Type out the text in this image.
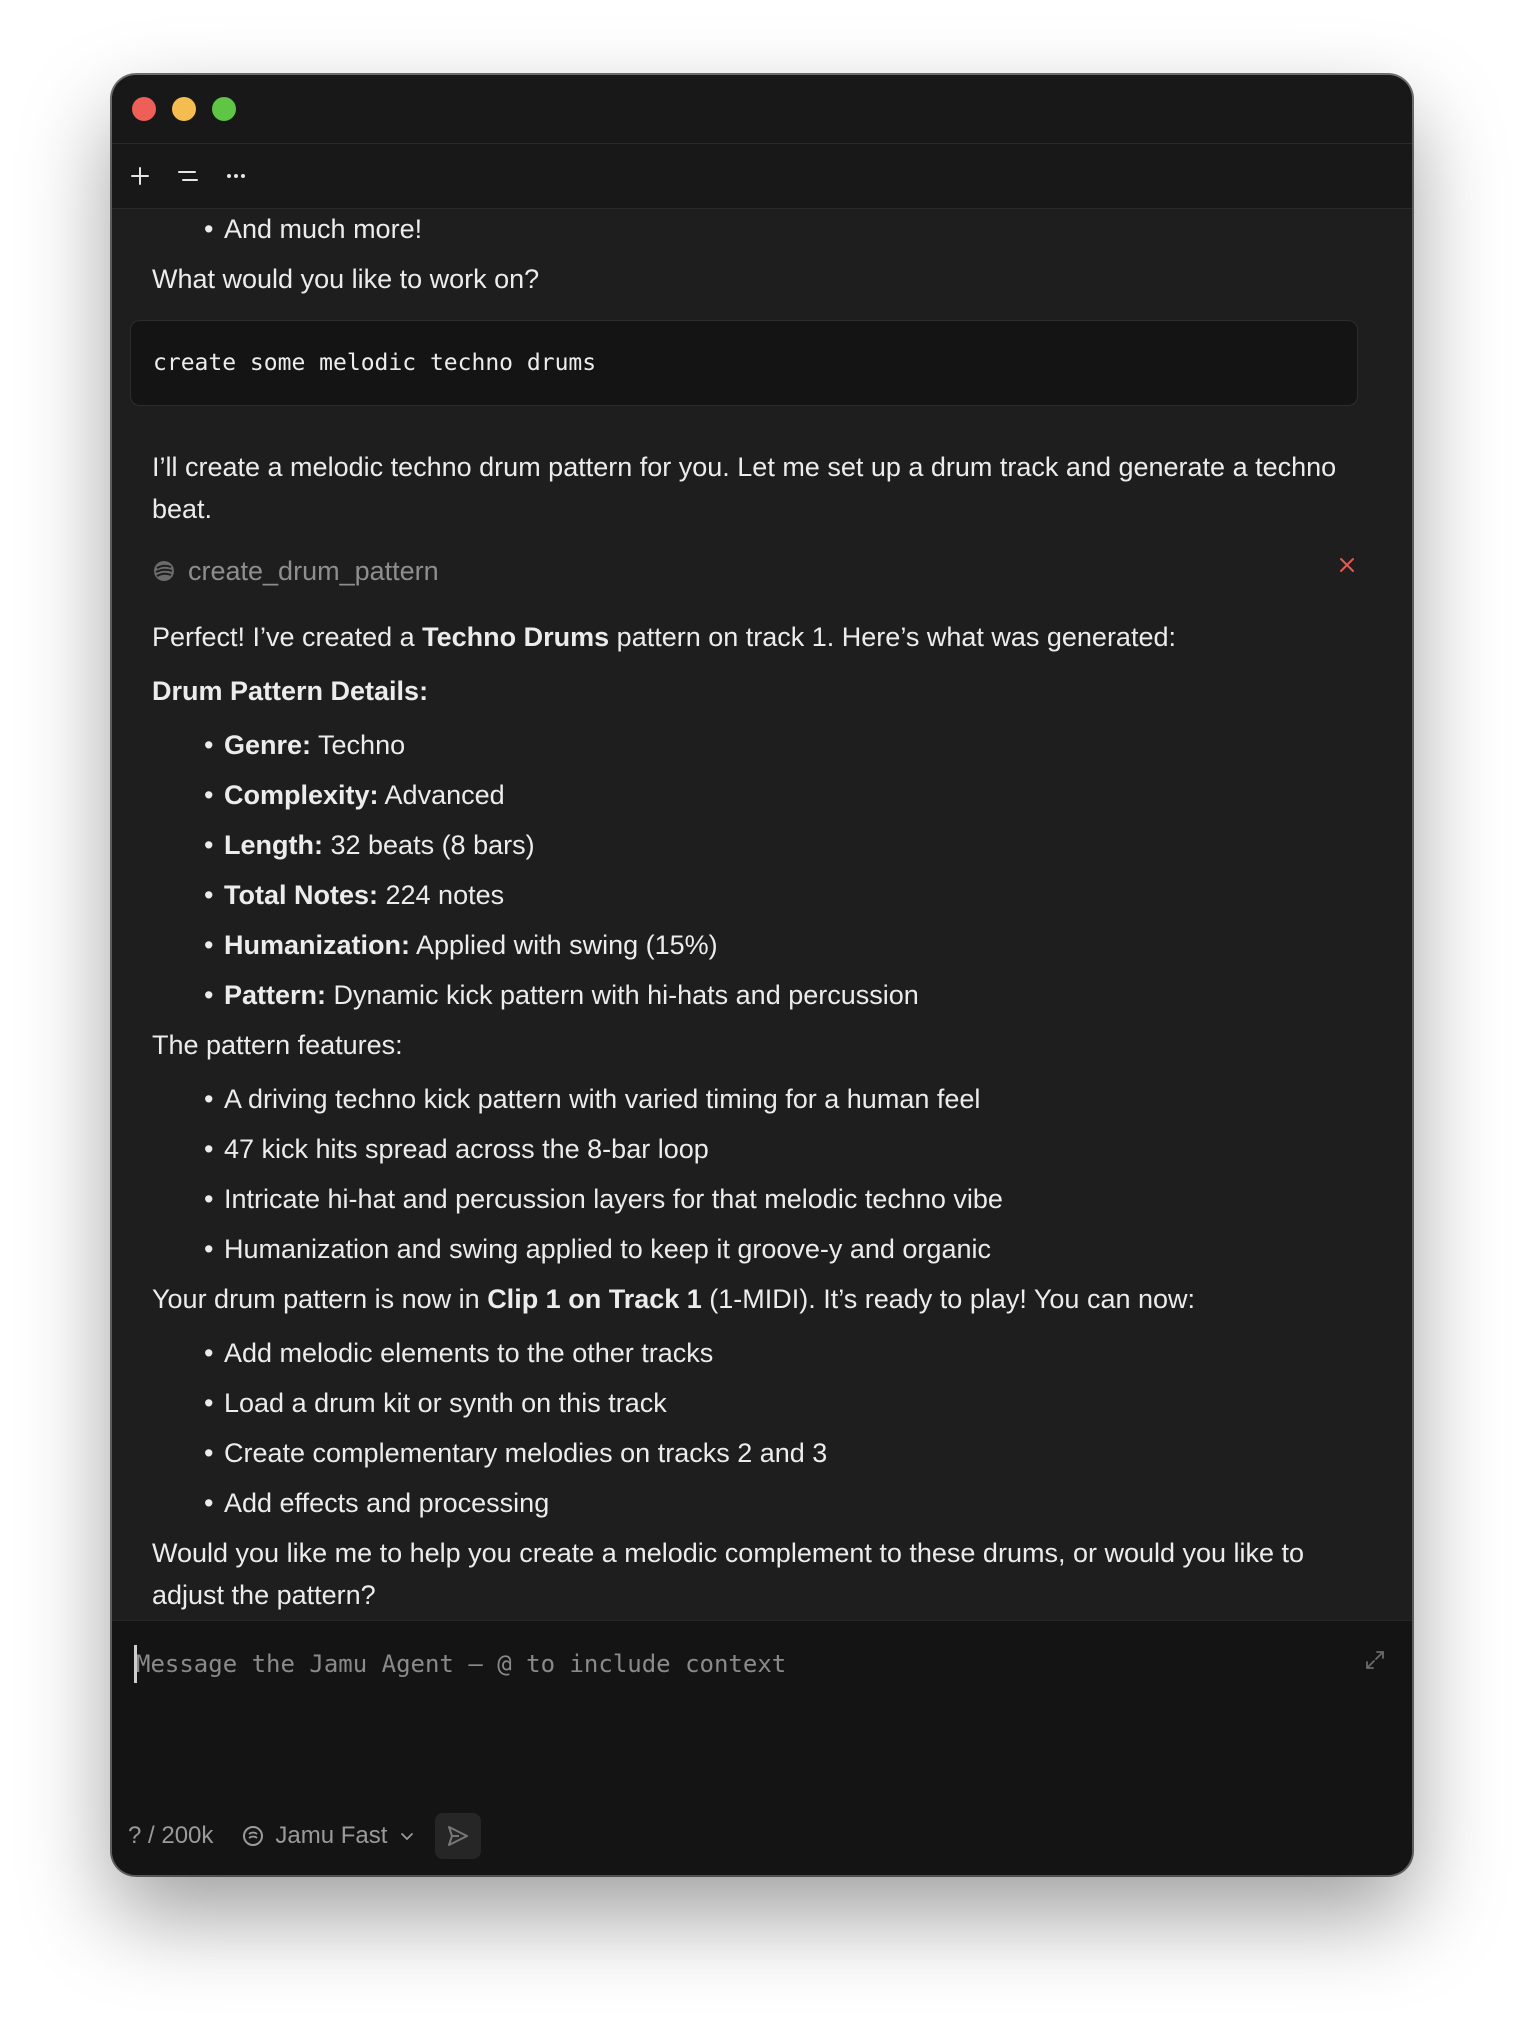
• And much more!

What would you like to work on?

create some melodic techno drums

I’ll create a melodic techno drum pattern for you. Let me set up a drum track and generate a techno beat.

create_drum_pattern

Perfect! I’ve created a Techno Drums pattern on track 1. Here’s what was generated:

Drum Pattern Details:

• Genre: Techno
• Complexity: Advanced
• Length: 32 beats (8 bars)
• Total Notes: 224 notes
• Humanization: Applied with swing (15%)
• Pattern: Dynamic kick pattern with hi-hats and percussion

The pattern features:

• A driving techno kick pattern with varied timing for a human feel
• 47 kick hits spread across the 8-bar loop
• Intricate hi-hat and percussion layers for that melodic techno vibe
• Humanization and swing applied to keep it groove-y and organic

Your drum pattern is now in Clip 1 on Track 1 (1-MIDI). It’s ready to play! You can now:

• Add melodic elements to the other tracks
• Load a drum kit or synth on this track
• Create complementary melodies on tracks 2 and 3
• Add effects and processing

Would you like me to help you create a melodic complement to these drums, or would you like to adjust the pattern?

Message the Jamu Agent — @ to include context
? / 200k	Jamu Fast
